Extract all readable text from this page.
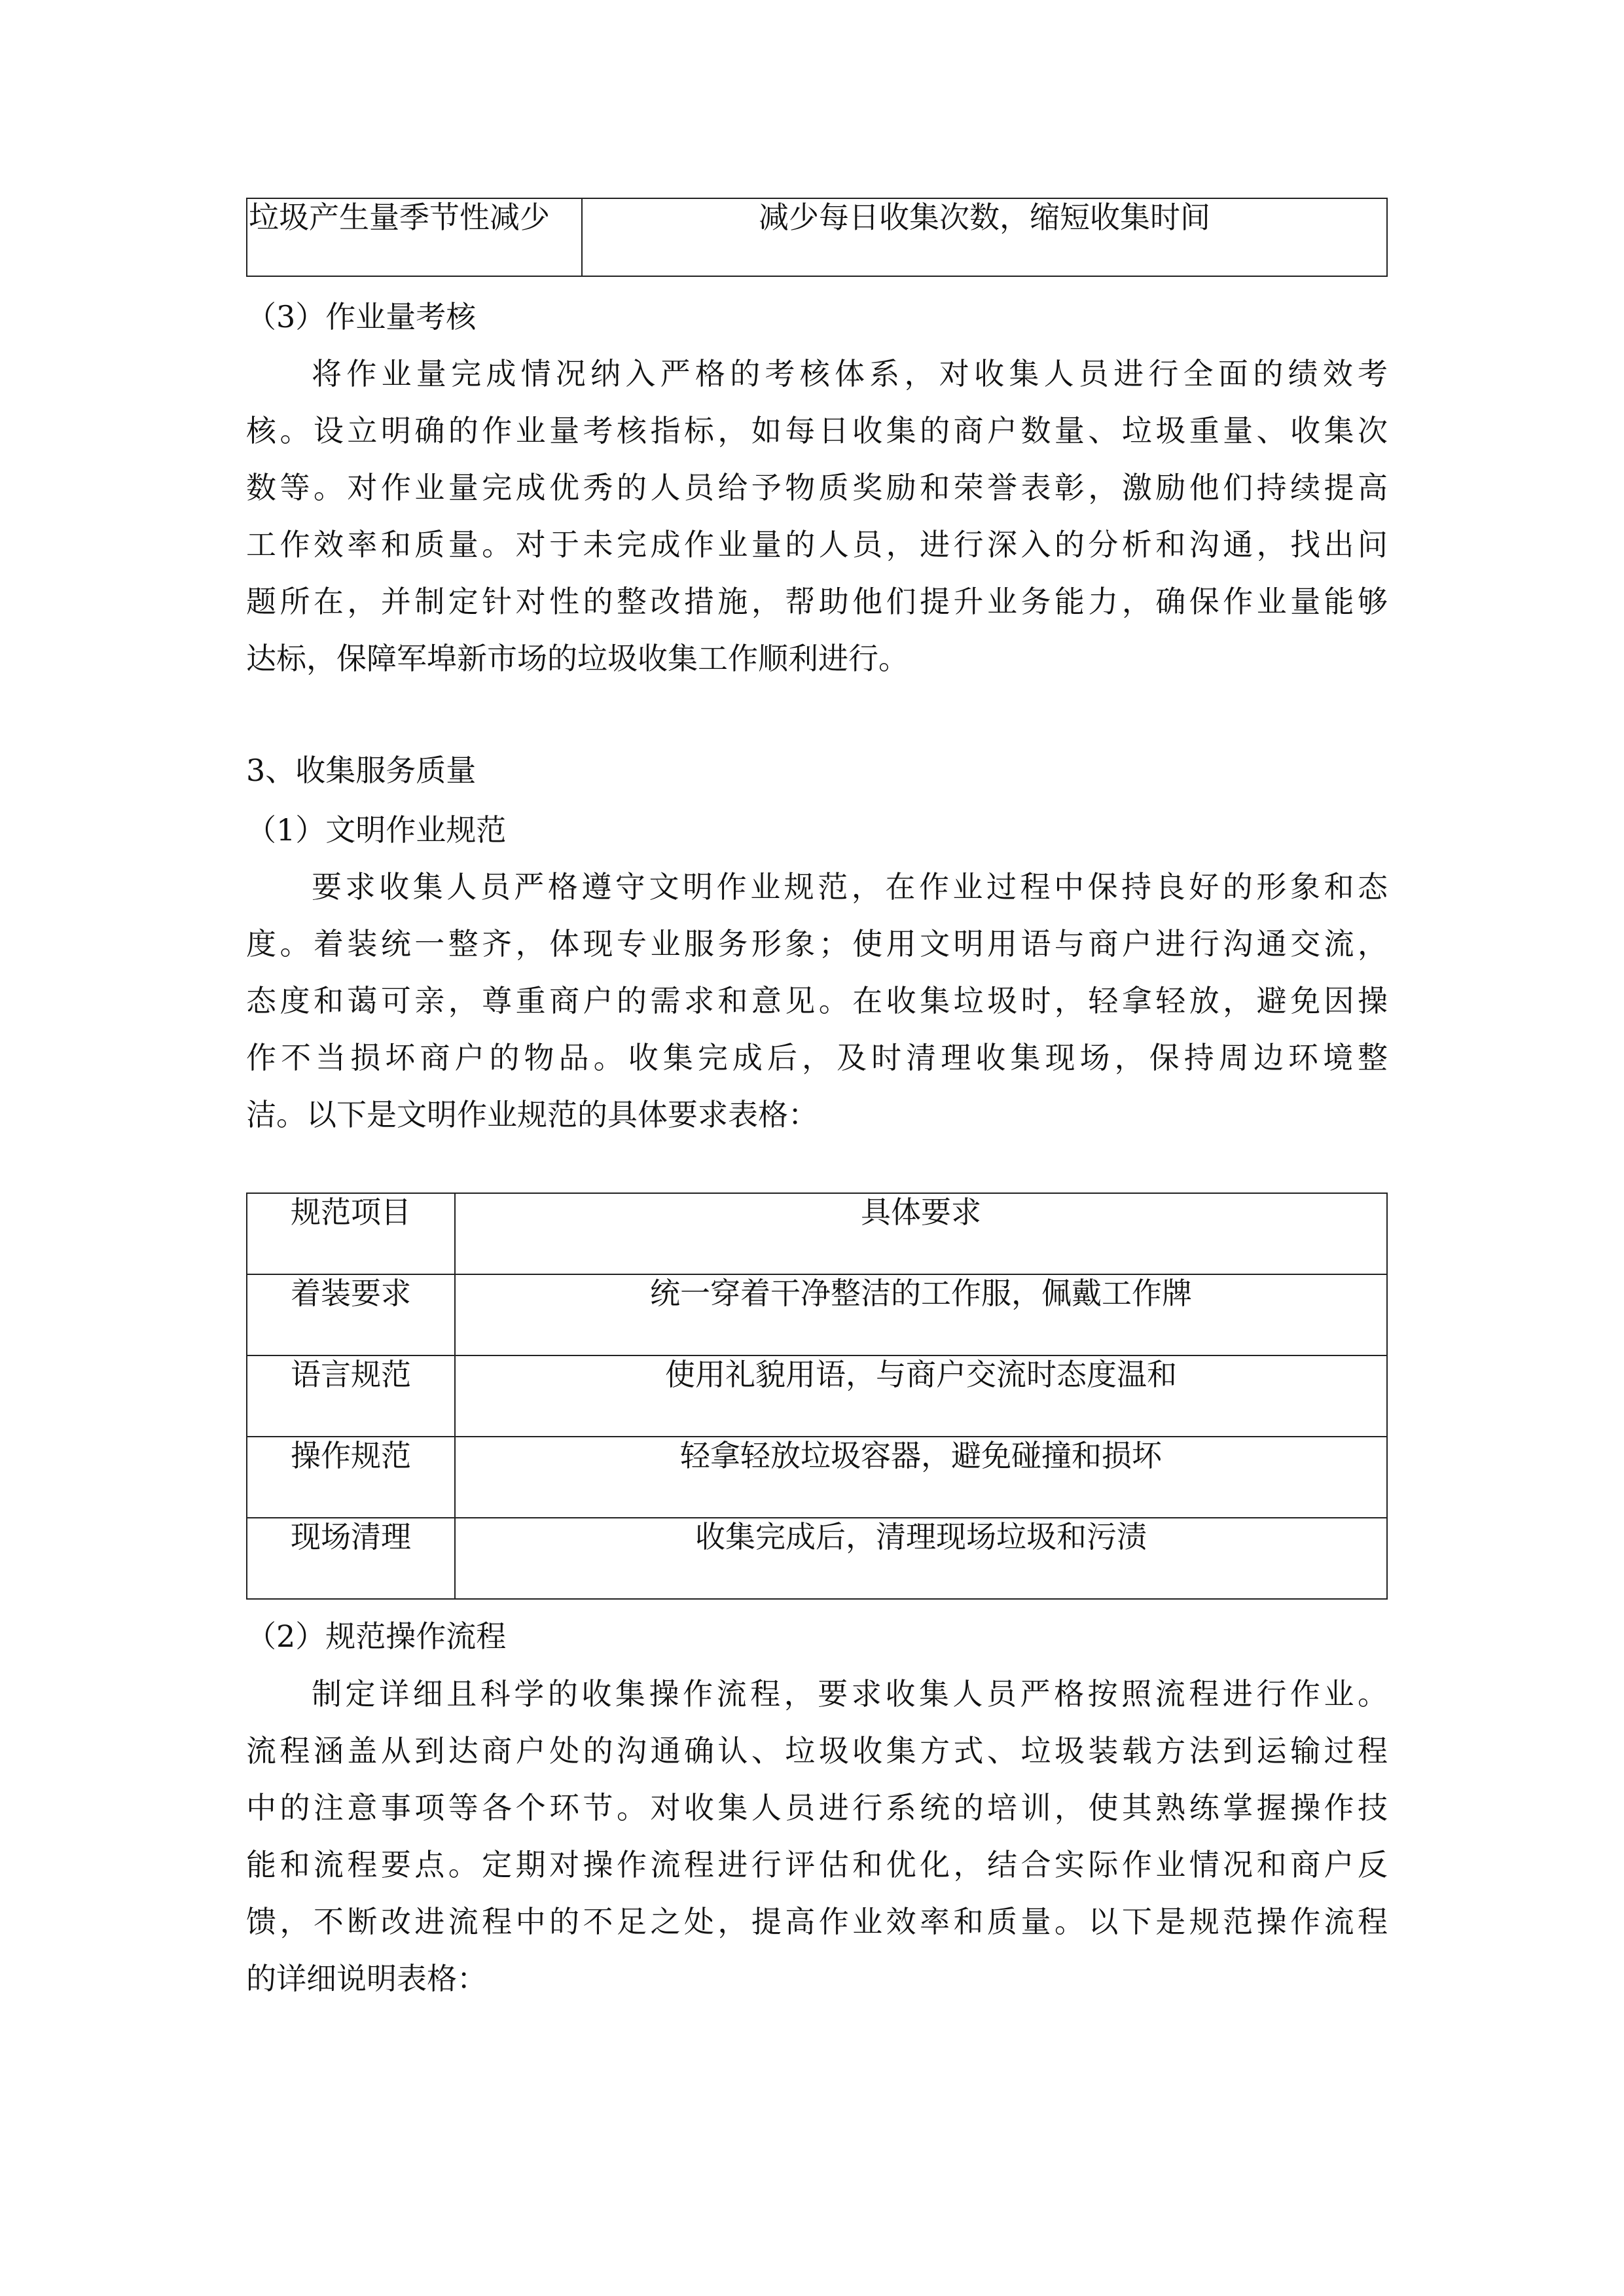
垃圾产生量季节性减少	减少每日收集次数，缩短收集时间
（3）作业量考核
将作业量完成情况纳入严格的考核体系，对收集人员进行全面的绩效考
核。设立明确的作业量考核指标，如每日收集的商户数量、垃圾重量、收集次
数等。对作业量完成优秀的人员给予物质奖励和荣誉表彰，激励他们持续提高
工作效率和质量。对于未完成作业量的人员，进行深入的分析和沟通，找出问
题所在，并制定针对性的整改措施，帮助他们提升业务能力，确保作业量能够
达标，保障军埠新市场的垃圾收集工作顺利进行。
3、收集服务质量
（1）文明作业规范
要求收集人员严格遵守文明作业规范，在作业过程中保持良好的形象和态
度。着装统一整齐，体现专业服务形象；使用文明用语与商户进行沟通交流，
态度和蔼可亲，尊重商户的需求和意见。在收集垃圾时，轻拿轻放，避免因操
作不当损坏商户的物品。收集完成后，及时清理收集现场，保持周边环境整
洁。以下是文明作业规范的具体要求表格：
规范项目	具体要求
着装要求	统一穿着干净整洁的工作服，佩戴工作牌
语言规范	使用礼貌用语，与商户交流时态度温和
操作规范	轻拿轻放垃圾容器，避免碰撞和损坏
现场清理	收集完成后，清理现场垃圾和污渍
（2）规范操作流程
制定详细且科学的收集操作流程，要求收集人员严格按照流程进行作业。
流程涵盖从到达商户处的沟通确认、垃圾收集方式、垃圾装载方法到运输过程
中的注意事项等各个环节。对收集人员进行系统的培训，使其熟练掌握操作技
能和流程要点。定期对操作流程进行评估和优化，结合实际作业情况和商户反
馈，不断改进流程中的不足之处，提高作业效率和质量。以下是规范操作流程
的详细说明表格：
